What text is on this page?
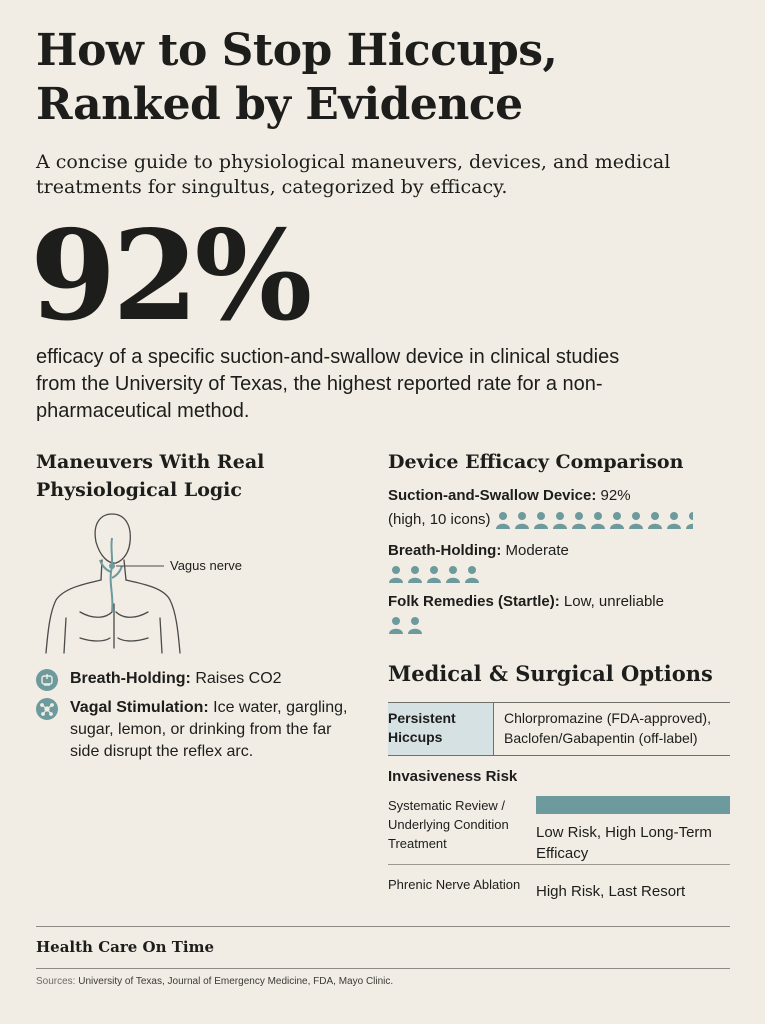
How to Stop Hiccups,
Ranked by Evidence

A concise guide to physiological maneuvers, devices, and medical treatments for singultus, categorized by efficacy.

92%

efficacy of a specific suction-and-swallow device in clinical studies from the University of Texas, the highest reported rate for a non-pharmaceutical method.

Maneuvers With Real Physiological Logic
Vagus nerve
Breath-Holding: Raises CO2
Vagal Stimulation: Ice water, gargling, sugar, lemon, or drinking from the far side disrupt the reflex arc.
Device Efficacy Comparison
Suction-and-Swallow Device: 92%
(high, 10 icons)
Breath-Holding: Moderate
Folk Remedies (Startle): Low, unreliable
Medical & Surgical Options
Persistent Hiccups
Chlorpromazine (FDA-approved), Baclofen/Gabapentin (off-label)
Invasiveness Risk
Systematic Review / Underlying Condition Treatment
Low Risk, High Long-Term Efficacy
Phrenic Nerve Ablation	High Risk, Last Resort
Health Care On Time
Sources: University of Texas, Journal of Emergency Medicine, FDA, Mayo Clinic.
